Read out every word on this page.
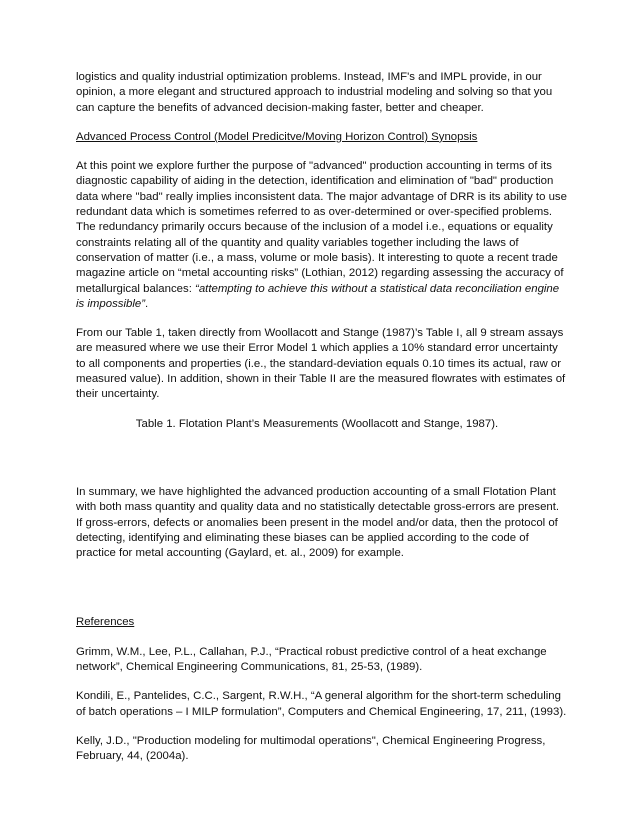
logistics and quality industrial optimization problems. Instead, IMF's and IMPL provide, in our opinion, a more elegant and structured approach to industrial modeling and solving so that you can capture the benefits of advanced decision-making faster, better and cheaper.

Advanced Process Control (Model Predicitve/Moving Horizon Control) Synopsis

At this point we explore further the purpose of "advanced" production accounting in terms of its diagnostic capability of aiding in the detection, identification and elimination of "bad" production data where "bad" really implies inconsistent data. The major advantage of DRR is its ability to use redundant data which is sometimes referred to as over-determined or over-specified problems. The redundancy primarily occurs because of the inclusion of a model i.e., equations or equality constraints relating all of the quantity and quality variables together including the laws of conservation of matter (i.e., a mass, volume or mole basis). It interesting to quote a recent trade magazine article on “metal accounting risks” (Lothian, 2012) regarding assessing the accuracy of metallurgical balances: “attempting to achieve this without a statistical data reconciliation engine is impossible”.

From our Table 1, taken directly from Woollacott and Stange (1987)’s Table I, all 9 stream assays are measured where we use their Error Model 1 which applies a 10% standard error uncertainty to all components and properties (i.e., the standard-deviation equals 0.10 times its actual, raw or measured value). In addition, shown in their Table II are the measured flowrates with estimates of their uncertainty.

Table 1. Flotation Plant’s Measurements (Woollacott and Stange, 1987).

In summary, we have highlighted the advanced production accounting of a small Flotation Plant with both mass quantity and quality data and no statistically detectable gross-errors are present. If gross-errors, defects or anomalies been present in the model and/or data, then the protocol of detecting, identifying and eliminating these biases can be applied according to the code of practice for metal accounting (Gaylard, et. al., 2009) for example.

References

Grimm, W.M., Lee, P.L., Callahan, P.J., “Practical robust predictive control of a heat exchange network”, Chemical Engineering Communications, 81, 25-53, (1989).

Kondili, E., Pantelides, C.C., Sargent, R.W.H., “A general algorithm for the short-term scheduling of batch operations – I MILP formulation”, Computers and Chemical Engineering, 17, 211, (1993).

Kelly, J.D., "Production modeling for multimodal operations", Chemical Engineering Progress, February, 44, (2004a).
